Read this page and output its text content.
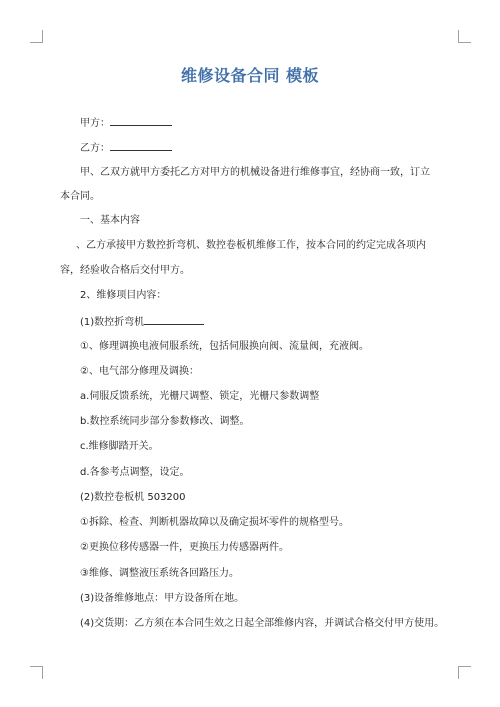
维修设备合同 模板
甲方：
乙方：
甲、乙双方就甲方委托乙方对甲方的机械设备进行维修事宜，经协商一致，订立
本合同。
一、基本内容
、乙方承接甲方数控折弯机、数控卷板机维修工作，按本合同的约定完成各项内
容，经验收合格后交付甲方。
2、维修项目内容：
(1)数控折弯机
①、修理调换电液伺服系统，包括伺服换向阀、流量阀，充液阀。
②、电气部分修理及调换：
a.伺服反馈系统，光栅尺调整、锁定，光栅尺参数调整
b.数控系统同步部分参数修改、调整。
c.维修脚踏开关。
d.各参考点调整，设定。
(2)数控卷板机 503200
①拆除、检查、判断机器故障以及确定损坏零件的规格型号。
②更换位移传感器一件，更换压力传感器两件。
③维修、调整液压系统各回路压力。
(3)设备维修地点：甲方设备所在地。
(4)交货期：乙方须在本合同生效之日起全部维修内容，并调试合格交付甲方使用。
